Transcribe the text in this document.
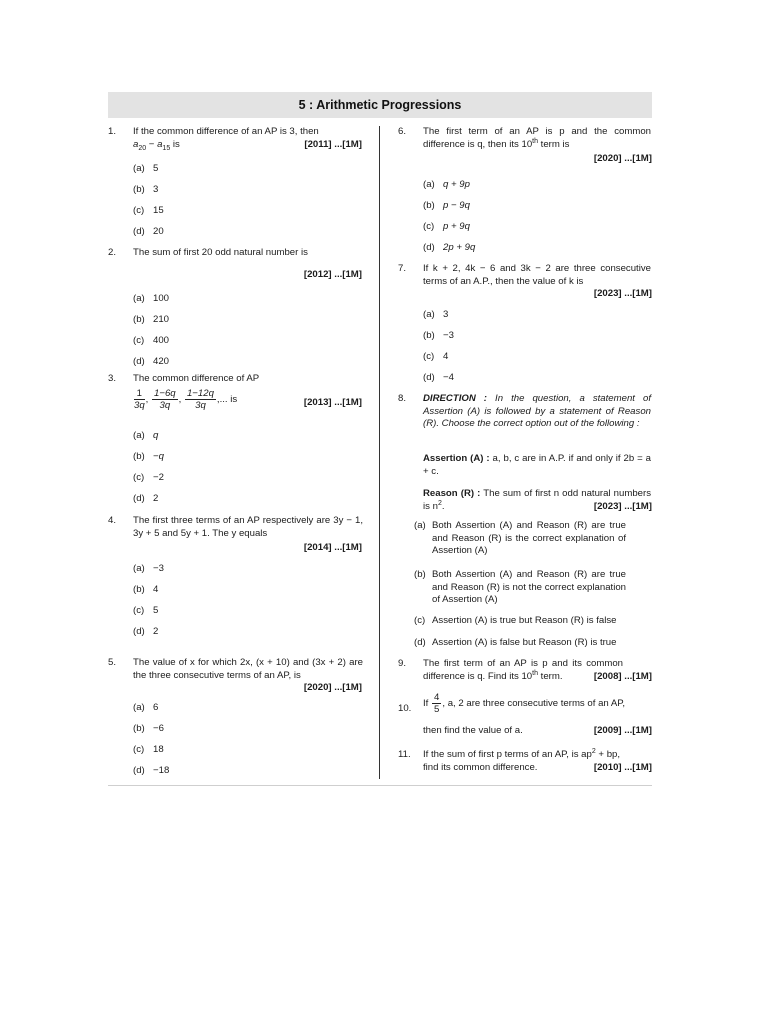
5 : Arithmetic Progressions
1. If the common difference of an AP is 3, then
$a_{20} - a_{15}$ is	[2011] ...[1M]
(a) 5
(b) 3
(c) 15
(d) 20
2. The sum of first 20 odd natural number is
[2012] ...[1M]
(a) 100
(b) 210
(c) 400
(d) 420
3. The common difference of AP
$\frac{1}{3q}$ , $\frac{1-6q}{3q}$ , $\frac{1-12q}{3q}$ ,... is	[2013] ...[1M]
(a) q
(b) −q
(c) −2
(d) 2
4. The first three terms of an AP respectively are 3y − 1, 3y + 5 and 5y + 1. The y equals
[2014] ...[1M]
(a) −3
(b) 4
(c) 5
(d) 2
5. The value of x for which 2x, (x + 10) and (3x + 2) are the three consecutive terms of an AP, is
[2020] ...[1M]
(a) 6
(b) −6
(c) 18
(d) −18
6. The first term of an AP is p and the common difference is q, then its 10th term is
[2020] ...[1M]
(a) q + 9p
(b) p − 9q
(c) p + 9q
(d) 2p + 9q
7. If k + 2, 4k − 6 and 3k − 2 are three consecutive terms of an A.P., then the value of k is
[2023] ...[1M]
(a) 3
(b) −3
(c) 4
(d) −4
8. DIRECTION : In the question, a statement of Assertion (A) is followed by a statement of Reason (R). Choose the correct option out of the following :
Assertion (A) : a, b, c are in A.P. if and only if 2b = a + c.
Reason (R) : The sum of first n odd natural numbers is $n^2$.	[2023] ...[1M]
(a) Both Assertion (A) and Reason (R) are true and Reason (R) is the correct explanation of Assertion (A)
(b) Both Assertion (A) and Reason (R) are true and Reason (R) is not the correct explanation of Assertion (A)
(c) Assertion (A) is true but Reason (R) is false
(d) Assertion (A) is false but Reason (R) is true
9. The first term of an AP is p and its common difference is q. Find its 10th term.	[2008] ...[1M]
10. If $\frac{4}{5}$ , a, 2 are three consecutive terms of an AP,
then find the value of a.	[2009] ...[1M]
11. If the sum of first p terms of an AP, is $ap^2$ + bp,
find its common difference.	[2010] ...[1M]
